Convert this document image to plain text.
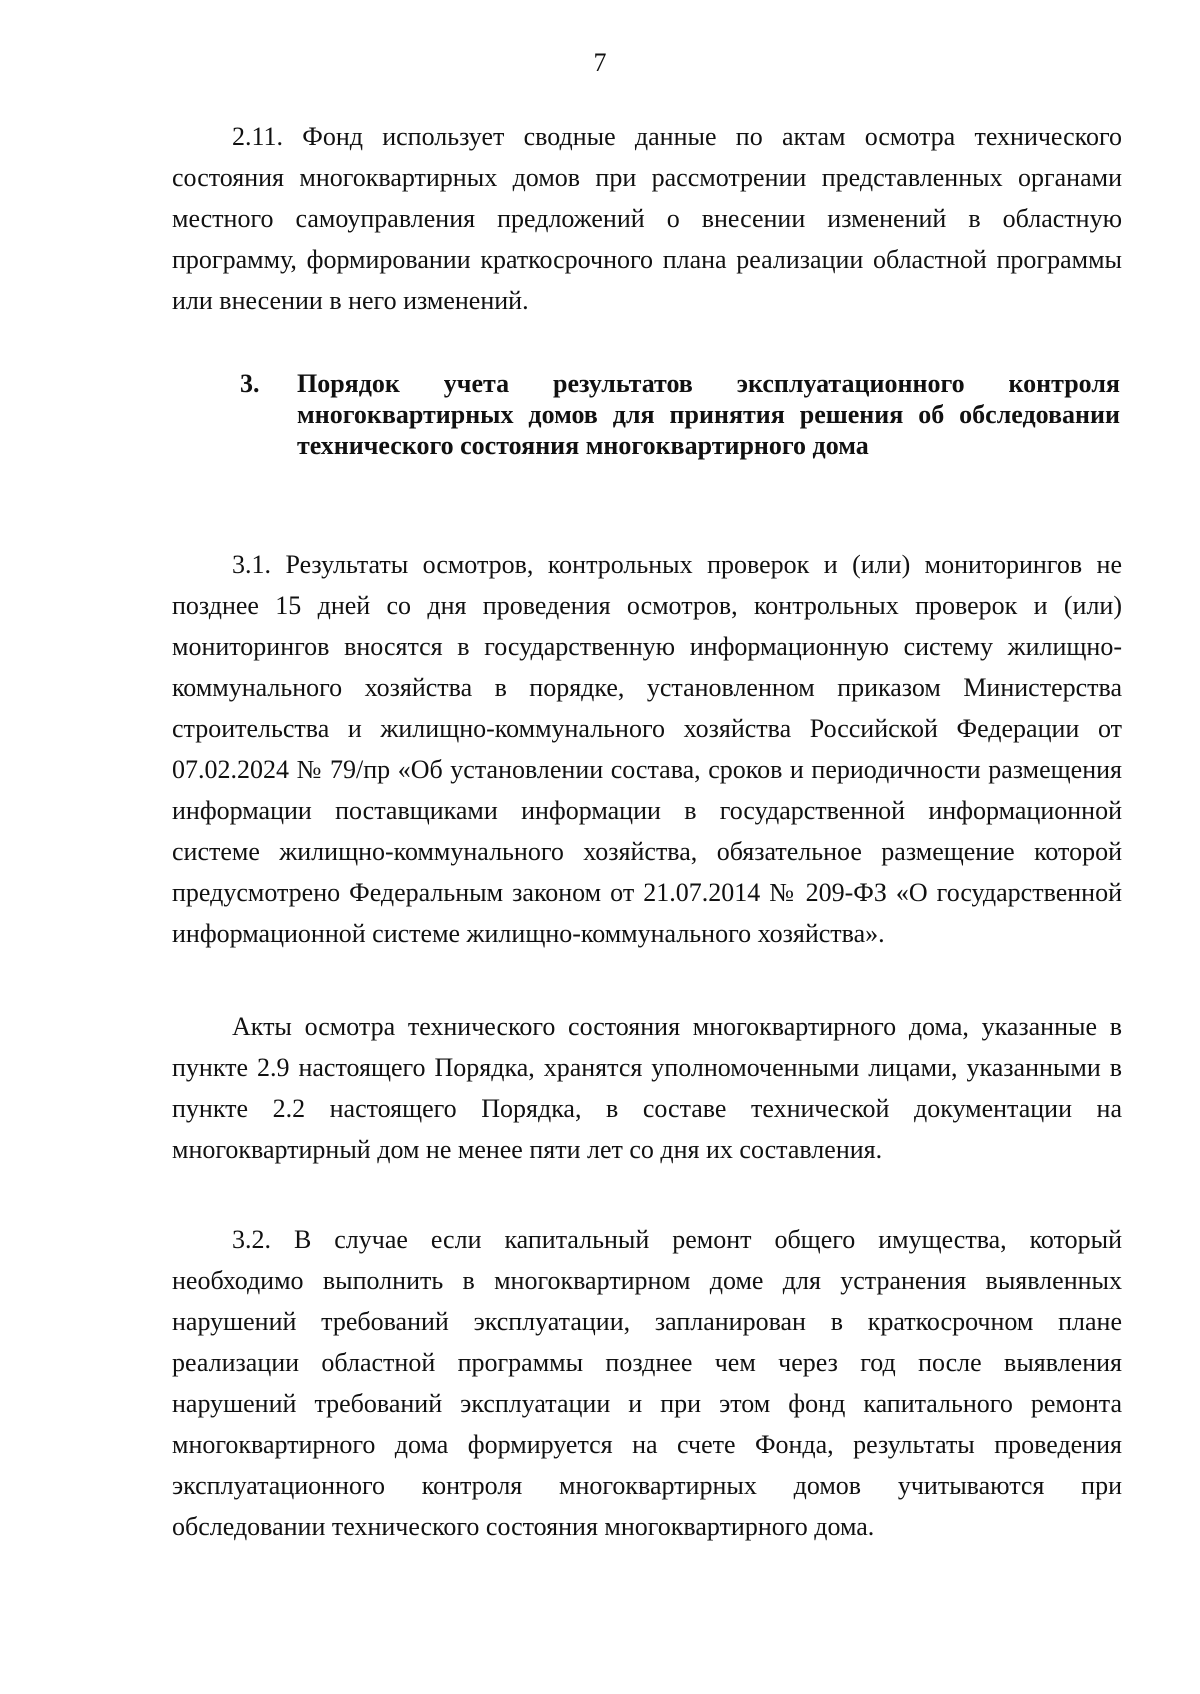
7

2.11. Фонд использует сводные данные по актам осмотра технического состояния многоквартирных домов при рассмотрении представленных органами местного самоуправления предложений о внесении изменений в областную программу, формировании краткосрочного плана реализации областной программы или внесении в него изменений.

3. Порядок учета результатов эксплуатационного контроля многоквартирных домов для принятия решения об обследовании технического состояния многоквартирного дома

3.1. Результаты осмотров, контрольных проверок и (или) мониторингов не позднее 15 дней со дня проведения осмотров, контрольных проверок и (или) мониторингов вносятся в государственную информационную систему жилищно-коммунального хозяйства в порядке, установленном приказом Министерства строительства и жилищно-коммунального хозяйства Российской Федерации от 07.02.2024 № 79/пр «Об установлении состава, сроков и периодичности размещения информации поставщиками информации в государственной информационной системе жилищно-коммунального хозяйства, обязательное размещение которой предусмотрено Федеральным законом от 21.07.2014 № 209-ФЗ «О государственной информационной системе жилищно-коммунального хозяйства».

Акты осмотра технического состояния многоквартирного дома, указанные в пункте 2.9 настоящего Порядка, хранятся уполномоченными лицами, указанными в пункте 2.2 настоящего Порядка, в составе технической документации на многоквартирный дом не менее пяти лет со дня их составления.

3.2. В случае если капитальный ремонт общего имущества, который необходимо выполнить в многоквартирном доме для устранения выявленных нарушений требований эксплуатации, запланирован в краткосрочном плане реализации областной программы позднее чем через год после выявления нарушений требований эксплуатации и при этом фонд капитального ремонта многоквартирного дома формируется на счете Фонда, результаты проведения эксплуатационного контроля многоквартирных домов учитываются при обследовании технического состояния многоквартирного дома.
